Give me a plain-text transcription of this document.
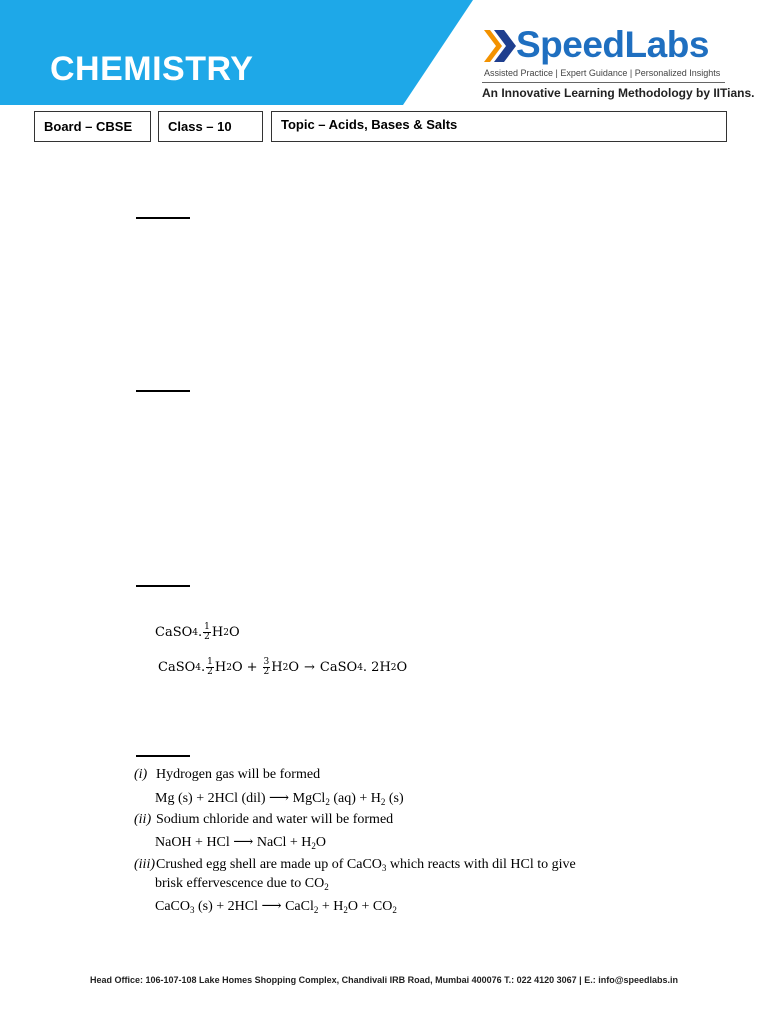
CHEMISTRY
SpeedLabs
Assisted Practice | Expert Guidance | Personalized Insights
An Innovative Learning Methodology by IITians.
Board – CBSE	Class – 10	Topic – Acids, Bases & Salts
CaSO 4 . $\frac{1}{2}$ H 2 O
CaSO 4 . $\frac{1}{2}$ H 2 $O + \frac{3}{2}$ H 2 O → CaSO 4 . 2H 2 O
(i) Hydrogen gas will be formed
Mg (s) + 2HCl (dil) ⟶ MgCl$_2$ $(aq) + H_2$ (s)
(ii) Sodium chloride and water will be formed
NaOH + HCl ⟶ NaCl + $H_2O$
(iii)Crushed egg shell are made up of CaCO$_3$ which reacts with dil HCl to give
brisk effervescence due to $CO_2$
CaCO$_3$ (s) + 2HCl ⟶ CaCl$_2$ + $H_2O + CO_2$
Head Office: 106-107-108 Lake Homes Shopping Complex, Chandivali IRB Road, Mumbai 400076 T.: 022 4120 3067 | E.: info@speedlabs.in
